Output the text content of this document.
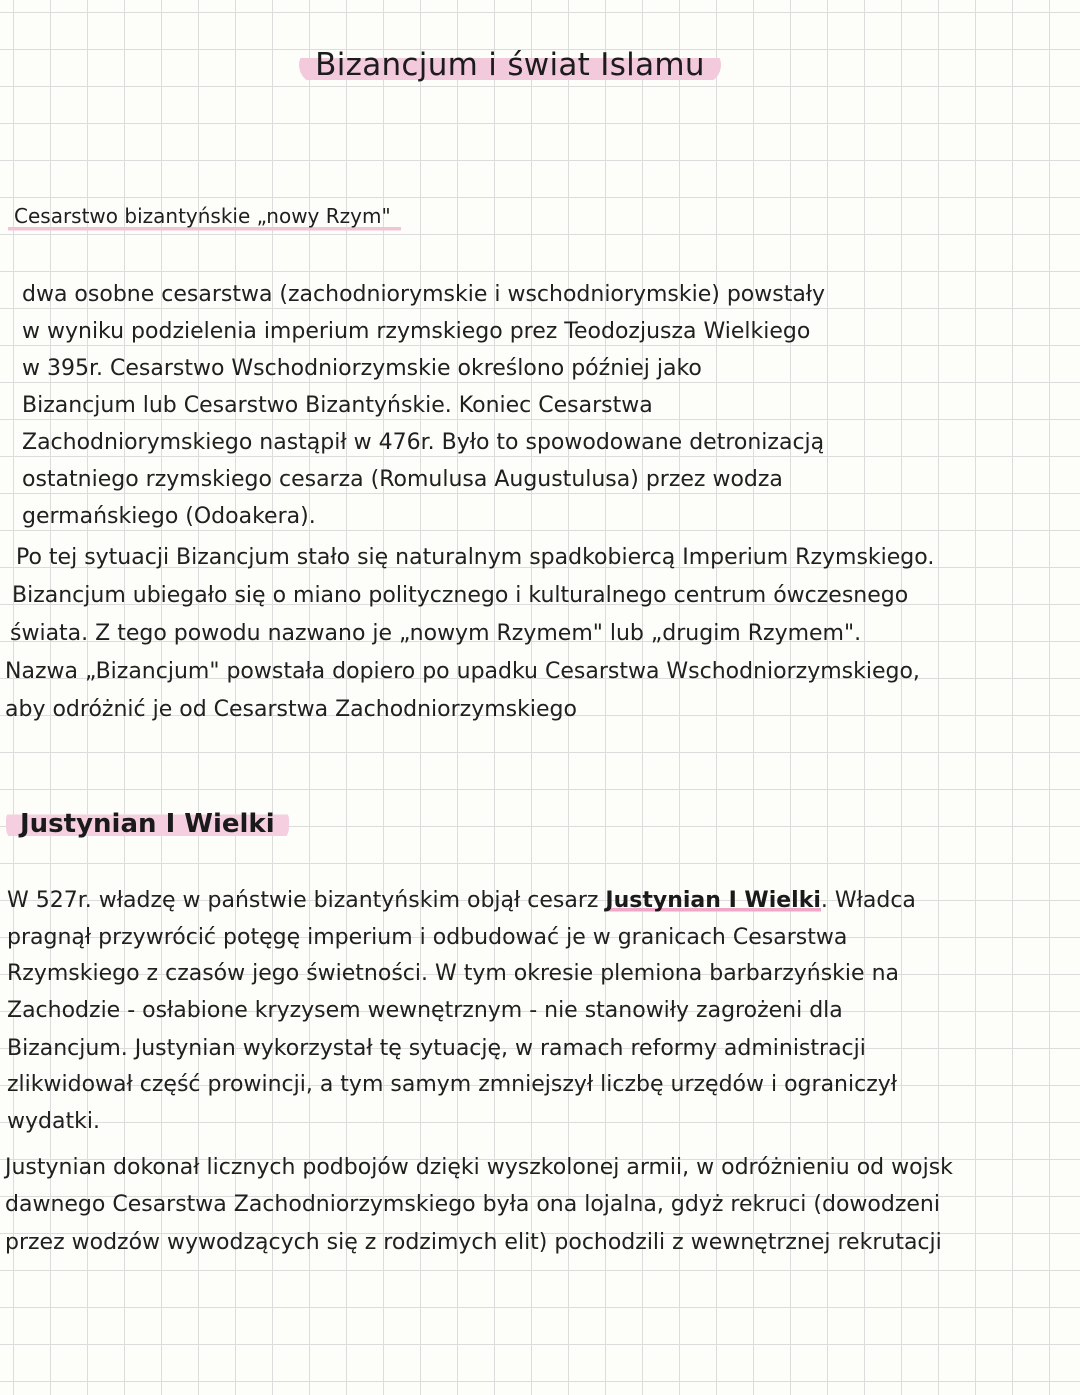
Bizancjum i świat Islamu
Cesarstwo bizantyńskie „nowy Rzym"
dwa osobne cesarstwa (zachodniorymskie i wschodniorymskie) powstały
w wyniku podzielenia imperium rzymskiego prez Teodozjusza Wielkiego
w 395r. Cesarstwo Wschodniorzymskie określono później jako
Bizancjum lub Cesarstwo Bizantyńskie. Koniec Cesarstwa
Zachodniorymskiego nastąpił w 476r. Było to spowodowane detronizacją
ostatniego rzymskiego cesarza (Romulusa Augustulusa) przez wodza
germańskiego (Odoakera).
Po tej sytuacji Bizancjum stało się naturalnym spadkobiercą Imperium Rzymskiego.
Bizancjum ubiegało się o miano politycznego i kulturalnego centrum ówczesnego
świata. Z tego powodu nazwano je „nowym Rzymem" lub „drugim Rzymem".
Nazwa „Bizancjum" powstała dopiero po upadku Cesarstwa Wschodniorzymskiego,
aby odróżnić je od Cesarstwa Zachodniorzymskiego
Justynian I Wielki
W 527r. władzę w państwie bizantyńskim objął cesarz Justynian I Wielki. Władca
pragnął przywrócić potęgę imperium i odbudować je w granicach Cesarstwa
Rzymskiego z czasów jego świetności. W tym okresie plemiona barbarzyńskie na
Zachodzie - osłabione kryzysem wewnętrznym - nie stanowiły zagrożeni dla
Bizancjum. Justynian wykorzystał tę sytuację, w ramach reformy administracji
zlikwidował część prowincji, a tym samym zmniejszył liczbę urzędów i ograniczył
wydatki.
Justynian dokonał licznych podbojów dzięki wyszkolonej armii, w odróżnieniu od wojsk
dawnego Cesarstwa Zachodniorzymskiego była ona lojalna, gdyż rekruci (dowodzeni
przez wodzów wywodzących się z rodzimych elit) pochodzili z wewnętrznej rekrutacji
